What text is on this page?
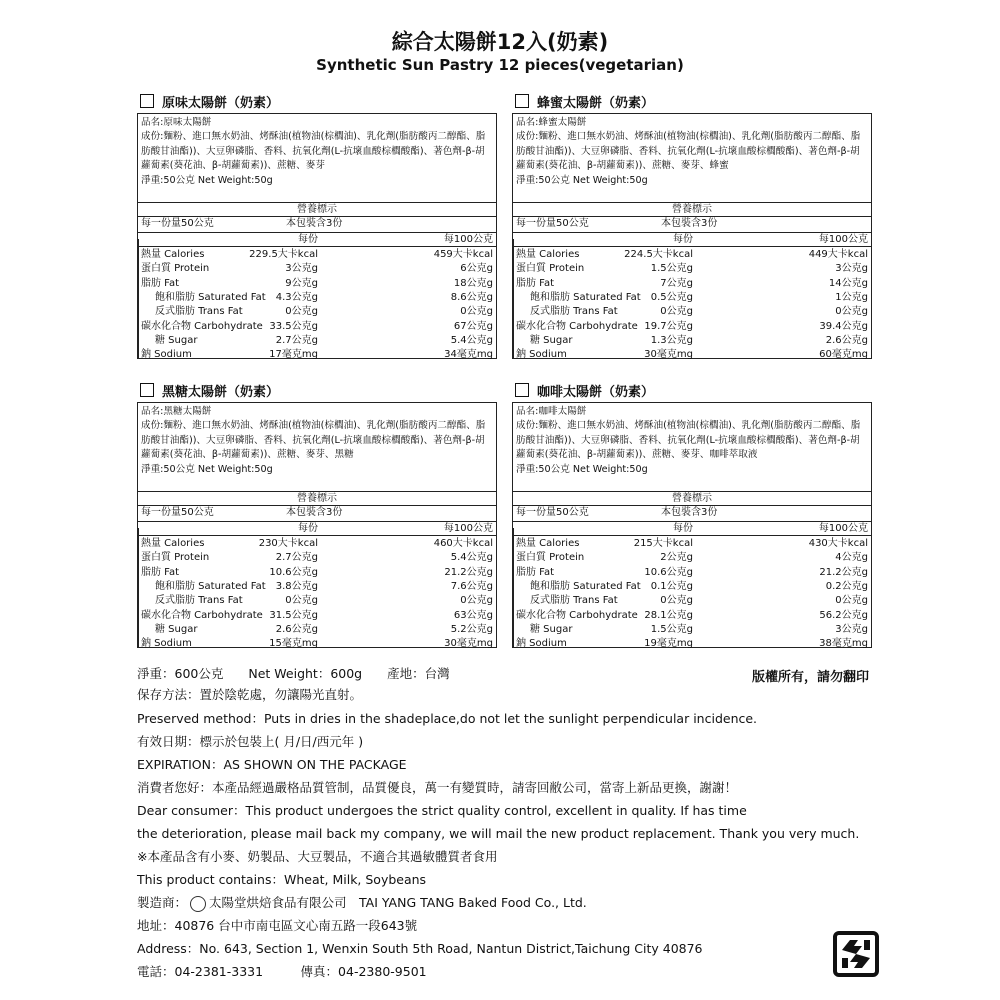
綜合太陽餅12入(奶素)
Synthetic Sun Pastry 12 pieces(vegetarian)
原味太陽餅（奶素）
品名:原味太陽餅
成份:麵粉、進口無水奶油、烤酥油(植物油(棕櫚油)、乳化劑(脂肪酸丙二醇酯、脂肪酸甘油酯))、大豆卵磷脂、香料、抗氧化劑(L-抗壞血酸棕櫚酸酯)、著色劑-β-胡蘿蔔素(葵花油、β-胡蘿蔔素))、蔗糖、麥芽
淨重:50公克 Net Weight:50g
營養標示
每一份量50公克	本包裝含3份
每份	每100公克
熱量 Calories	229.5大卡kcal	459大卡kcal
蛋白質 Protein	3公克g	6公克g
脂肪 Fat	9公克g	18公克g
飽和脂肪 Saturated Fat 4.3公克g	8.6公克g
反式脂肪 Trans Fat	0公克g	0公克g
碳水化合物 Carbohydrate 33.5公克g	67公克g
糖 Sugar	2.7公克g	5.4公克g
鈉 Sodium	17毫克mg	34毫克mg
蜂蜜太陽餅（奶素）
品名:蜂蜜太陽餅
成份:麵粉、進口無水奶油、烤酥油(植物油(棕櫚油)、乳化劑(脂肪酸丙二醇酯、脂肪酸甘油酯))、大豆卵磷脂、香料、抗氧化劑(L-抗壞血酸棕櫚酸酯)、著色劑-β-胡蘿蔔素(葵花油、β-胡蘿蔔素))、蔗糖、麥芽、蜂蜜
淨重:50公克 Net Weight:50g
營養標示
每一份量50公克	本包裝含3份
每份	每100公克
熱量 Calories	224.5大卡kcal	449大卡kcal
蛋白質 Protein	1.5公克g	3公克g
脂肪 Fat	7公克g	14公克g
飽和脂肪 Saturated Fat 0.5公克g	1公克g
反式脂肪 Trans Fat	0公克g	0公克g
碳水化合物 Carbohydrate 19.7公克g	39.4公克g
糖 Sugar	1.3公克g	2.6公克g
鈉 Sodium	30毫克mg	60毫克mg
黑糖太陽餅（奶素）
品名:黑糖太陽餅
成份:麵粉、進口無水奶油、烤酥油(植物油(棕櫚油)、乳化劑(脂肪酸丙二醇酯、脂肪酸甘油酯))、大豆卵磷脂、香料、抗氧化劑(L-抗壞血酸棕櫚酸酯)、著色劑-β-胡蘿蔔素(葵花油、β-胡蘿蔔素))、蔗糖、麥芽、黑糖
淨重:50公克 Net Weight:50g
營養標示
每一份量50公克	本包裝含3份
每份	每100公克
熱量 Calories	230大卡kcal	460大卡kcal
蛋白質 Protein	2.7公克g	5.4公克g
脂肪 Fat	10.6公克g	21.2公克g
飽和脂肪 Saturated Fat 3.8公克g	7.6公克g
反式脂肪 Trans Fat	0公克g	0公克g
碳水化合物 Carbohydrate 31.5公克g	63公克g
糖 Sugar	2.6公克g	5.2公克g
鈉 Sodium	15毫克mg	30毫克mg
咖啡太陽餅（奶素）
品名:咖啡太陽餅
成份:麵粉、進口無水奶油、烤酥油(植物油(棕櫚油)、乳化劑(脂肪酸丙二醇酯、脂肪酸甘油酯))、大豆卵磷脂、香料、抗氧化劑(L-抗壞血酸棕櫚酸酯)、著色劑-β-胡蘿蔔素(葵花油、β-胡蘿蔔素))、蔗糖、麥芽、咖啡萃取液
淨重:50公克 Net Weight:50g
營養標示
每一份量50公克	本包裝含3份
每份	每100公克
熱量 Calories	215大卡kcal	430大卡kcal
蛋白質 Protein	2公克g	4公克g
脂肪 Fat	10.6公克g	21.2公克g
飽和脂肪 Saturated Fat 0.1公克g	0.2公克g
反式脂肪 Trans Fat	0公克g	0公克g
碳水化合物 Carbohydrate 28.1公克g	56.2公克g
糖 Sugar	1.5公克g	3公克g
鈉 Sodium	19毫克mg	38毫克mg
淨重：600公克　　Net Weight：600g　　產地：台灣	版權所有，請勿翻印
保存方法：置於陰乾處，勿讓陽光直射。
Preserved method：Puts in dries in the shadeplace,do not let the sunlight perpendicular incidence.
有效日期：標示於包裝上( 月/日/西元年 )
EXPIRATION：AS SHOWN ON THE PACKAGE
消費者您好：本產品經過嚴格品質管制，品質優良，萬一有變質時，請寄回敝公司，當寄上新品更換，謝謝！
Dear consumer：This product undergoes the strict quality control, excellent in quality. If has time
the deterioration, please mail back my company, we will mail the new product replacement. Thank you very much.
※本產品含有小麥、奶製品、大豆製品，不適合其過敏體質者食用
This product contains：Wheat, Milk, Soybeans
製造商： 太陽堂烘焙食品有限公司　TAI YANG TANG Baked Food Co., Ltd.
地址：40876 台中市南屯區文心南五路一段643號
Address：No. 643, Section 1, Wenxin South 5th Road, Nantun District,Taichung City 40876
電話：04-2381-3331　　　傳真：04-2380-9501
